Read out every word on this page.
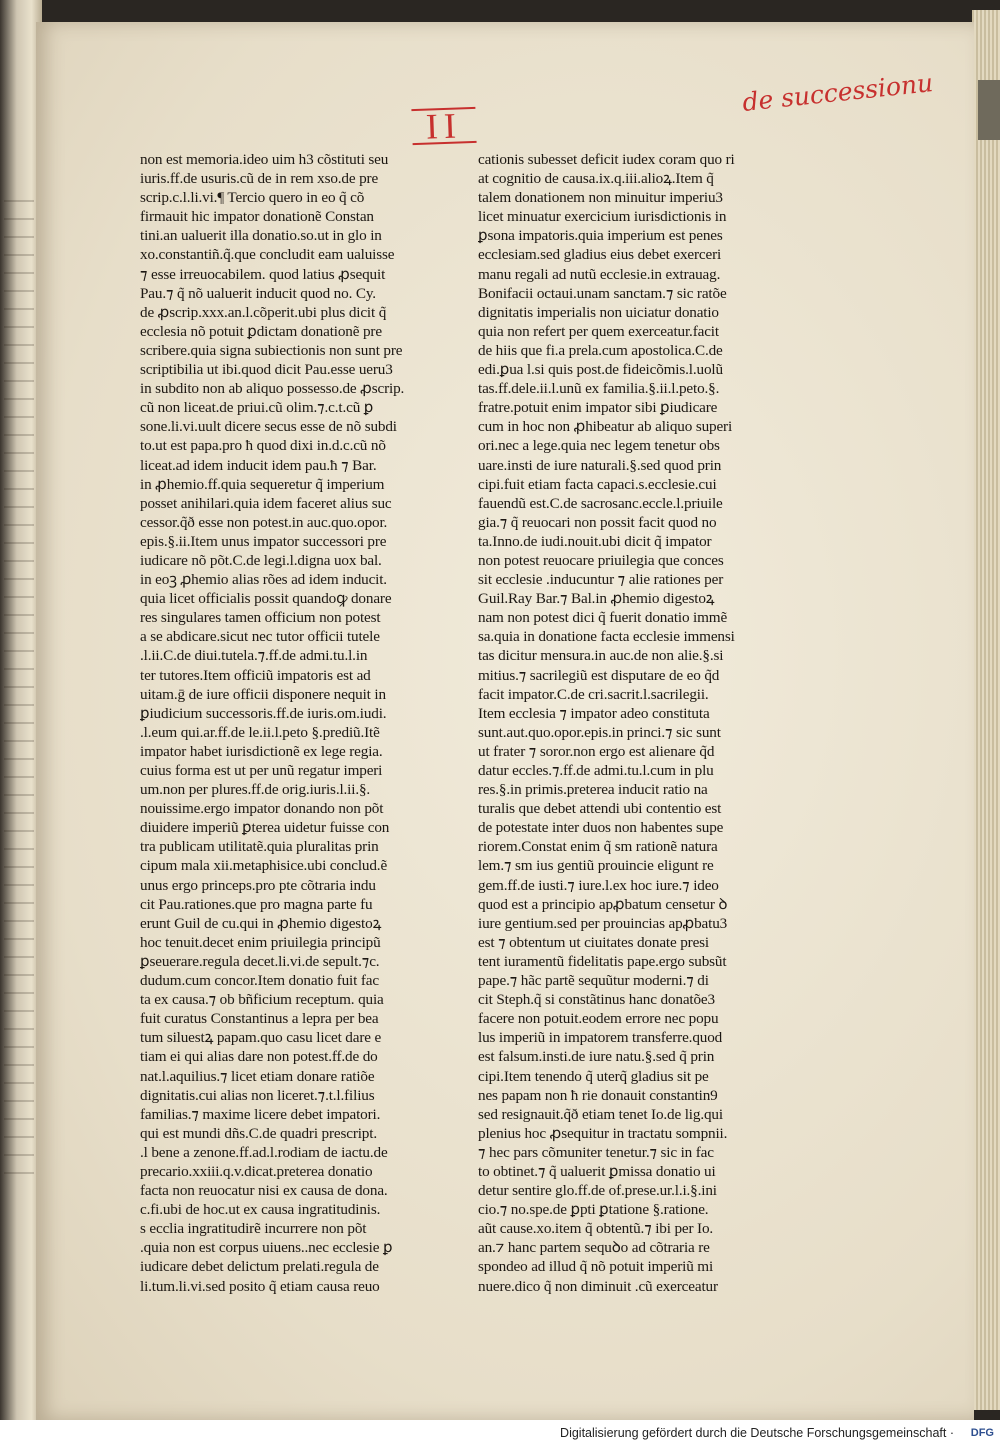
de successionu
II
non est memoria.ideo uim h3 cõstituti seu
iuris.ff.de usuris.cũ de in rem xso.de pre
scrip.c.l.li.vi.¶ Tercio quero in eo q̃ cõ
firmauit hic impator donationẽ Constan
tini.an ualuerit illa donatio.so.ut in glo in
xo.constantiñ.q̃.que concludit eam ualuisse
⁊ esse irreuocabilem. quod latius ꝓsequit
Pau.⁊ q̃ nõ ualuerit inducit quod no. Cy.
de ꝓscrip.xxx.an.l.cõperit.ubi plus dicit q̃
ecclesia nõ potuit ꝑdictam donationẽ pre
scribere.quia signa subiectionis non sunt pre
scriptibilia ut ibi.quod dicit Pau.esse ueru3
in subdito non ab aliquo possesso.de ꝓscrip.
cũ non liceat.de priui.cũ olim.⁊.c.t.cũ ꝑ
sone.li.vi.uult dicere secus esse de nõ subdi
to.ut est papa.pro ħ quod dixi in.d.c.cũ nõ
liceat.ad idem inducit idem pau.ħ ⁊ Bar.
in ꝓhemio.ff.quia sequeretur q̃ imperium
posset anihilari.quia idem faceret alius suc
cessor.q̃ð esse non potest.in auc.quo.opor.
epis.§.ii.Item unus impator successori pre
iudicare nõ põt.C.de legi.l.digna uox bal.
in eoꝫ ꝓhemio alias rões ad idem inducit.
quia licet officialis possit quandoꝙ donare
res singulares tamen officium non potest
a se abdicare.sicut nec tutor officii tutele
.l.ii.C.de diui.tutela.⁊.ff.de admi.tu.l.in
ter tutores.Item officiũ impatoris est ad
uitam.ḡ de iure officii disponere nequit in
ꝑiudicium successoris.ff.de iuris.om.iudi.
.l.eum qui.ar.ff.de le.ii.l.peto §.prediũ.Itẽ
impator habet iurisdictionẽ ex lege regia.
cuius forma est ut per unũ regatur imperi
um.non per plures.ff.de orig.iuris.l.ii.§.
nouissime.ergo impator donando non põt
diuidere imperiũ ꝑterea uidetur fuisse con
tra publicam utilitatẽ.quia pluralitas prin
cipum mala xii.metaphisice.ubi conclud.ẽ
unus ergo princeps.pro pte cõtraria indu
cit Pau.rationes.que pro magna parte fu
erunt Guil de cu.qui in ꝓhemio digestoꝝ
hoc tenuit.decet enim priuilegia principũ
ꝑseuerare.regula decet.li.vi.de sepult.⁊c.
dudum.cum concor.Item donatio fuit fac
ta ex causa.⁊ ob bñficium receptum. quia
fuit curatus Constantinus a lepra per bea
tum siluestꝝ papam.quo casu licet dare e
tiam ei qui alias dare non potest.ff.de do
nat.l.aquilius.⁊ licet etiam donare ratiõe
dignitatis.cui alias non liceret.⁊.t.l.filius
familias.⁊ maxime licere debet impatori.
qui est mundi dñs.C.de quadri prescript.
.l bene a zenone.ff.ad.l.rodiam de iactu.de
precario.xxiii.q.v.dicat.preterea donatio
facta non reuocatur nisi ex causa de dona.
c.fi.ubi de hoc.ut ex causa ingratitudinis.
s ecclia ingratitudirẽ incurrere non põt
.quia non est corpus uiuens..nec ecclesie ꝑ
iudicare debet delictum prelati.regula de
li.tum.li.vi.sed posito q̃ etiam causa reuo
cationis subesset deficit iudex coram quo ri
at cognitio de causa.ix.q.iii.alioꝝ.Item q̃
talem donationem non minuitur imperiu3
licet minuatur exercicium iurisdictionis in
ꝑsona impatoris.quia imperium est penes
ecclesiam.sed gladius eius debet exerceri
manu regali ad nutũ ecclesie.in extrauag.
Bonifacii octaui.unam sanctam.⁊ sic ratõe
dignitatis imperialis non uiciatur donatio
quia non refert per quem exerceatur.facit
de hiis que fi.a prela.cum apostolica.C.de
edi.ꝑua l.si quis post.de fideicõmis.l.uolũ
tas.ff.dele.ii.l.unũ ex familia.§.ii.l.peto.§.
fratre.potuit enim impator sibi ꝑiudicare
cum in hoc non ꝓhibeatur ab aliquo superi
ori.nec a lege.quia nec legem tenetur obs
uare.insti de iure naturali.§.sed quod prin
cipi.fuit etiam facta capaci.s.ecclesie.cui
fauendũ est.C.de sacrosanc.eccle.l.priuile
gia.⁊ q̃ reuocari non possit facit quod no
ta.Inno.de iudi.nouit.ubi dicit q̃ impator
non potest reuocare priuilegia que conces
sit ecclesie .inducuntur ⁊ alie rationes per
Guil.Ray Bar.⁊ Bal.in ꝓhemio digestoꝝ
nam non potest dici q̃ fuerit donatio immẽ
sa.quia in donatione facta ecclesie immensi
tas dicitur mensura.in auc.de non alie.§.si
mitius.⁊ sacrilegiũ est disputare de eo q̃d
facit impator.C.de cri.sacrit.l.sacrilegii.
Item ecclesia ⁊ impator adeo constituta
sunt.aut.quo.opor.epis.in princi.⁊ sic sunt
ut frater ⁊ soror.non ergo est alienare q̃d
datur eccles.⁊.ff.de admi.tu.l.cum in plu
res.§.in primis.preterea inducit ratio na
turalis que debet attendi ubi contentio est
de potestate inter duos non habentes supe
riorem.Constat enim q̃ sm rationẽ natura
lem.⁊ sm ius gentiũ prouincie eligunt re
gem.ff.de iusti.⁊ iure.l.ex hoc iure.⁊ ideo
quod est a principio apꝓbatum censetur ꝺ
iure gentium.sed per prouincias apꝓbatu3
est ⁊ obtentum ut ciuitates donate presi
tent iuramentũ fidelitatis pape.ergo subsũt
pape.⁊ hãc partẽ sequũtur moderni.⁊ di
cit Steph.q̃ si constãtinus hanc donatõe3
facere non potuit.eodem errore nec popu
lus imperiũ in impatorem transferre.quod
est falsum.insti.de iure natu.§.sed q̃ prin
cipi.Item tenendo q̃ uterq̃ gladius sit pe
nes papam non ħ rie donauit constantin9
sed resignauit.q̃ð etiam tenet Io.de lig.qui
plenius hoc ꝓsequitur in tractatu sompnii.
⁊ hec pars cõmuniter tenetur.⁊ sic in fac
to obtinet.⁊ q̃ ualuerit ꝑmissa donatio ui
detur sentire glo.ff.de of.prese.ur.l.i.§.ini
cio.⁊ no.spe.de ꝑpti ꝑtatione §.ratione.
aũt cause.xo.item q̃ obtentũ.⁊ ibi per Io.
an.⁊ hanc partem sequꝺo ad cõtraria re
spondeo ad illud q̃ nõ potuit imperiũ mi
nuere.dico q̃ non diminuit .cũ exerceatur
Digitalisierung gefördert durch die Deutsche Forschungsgemeinschaft ·	DFG
